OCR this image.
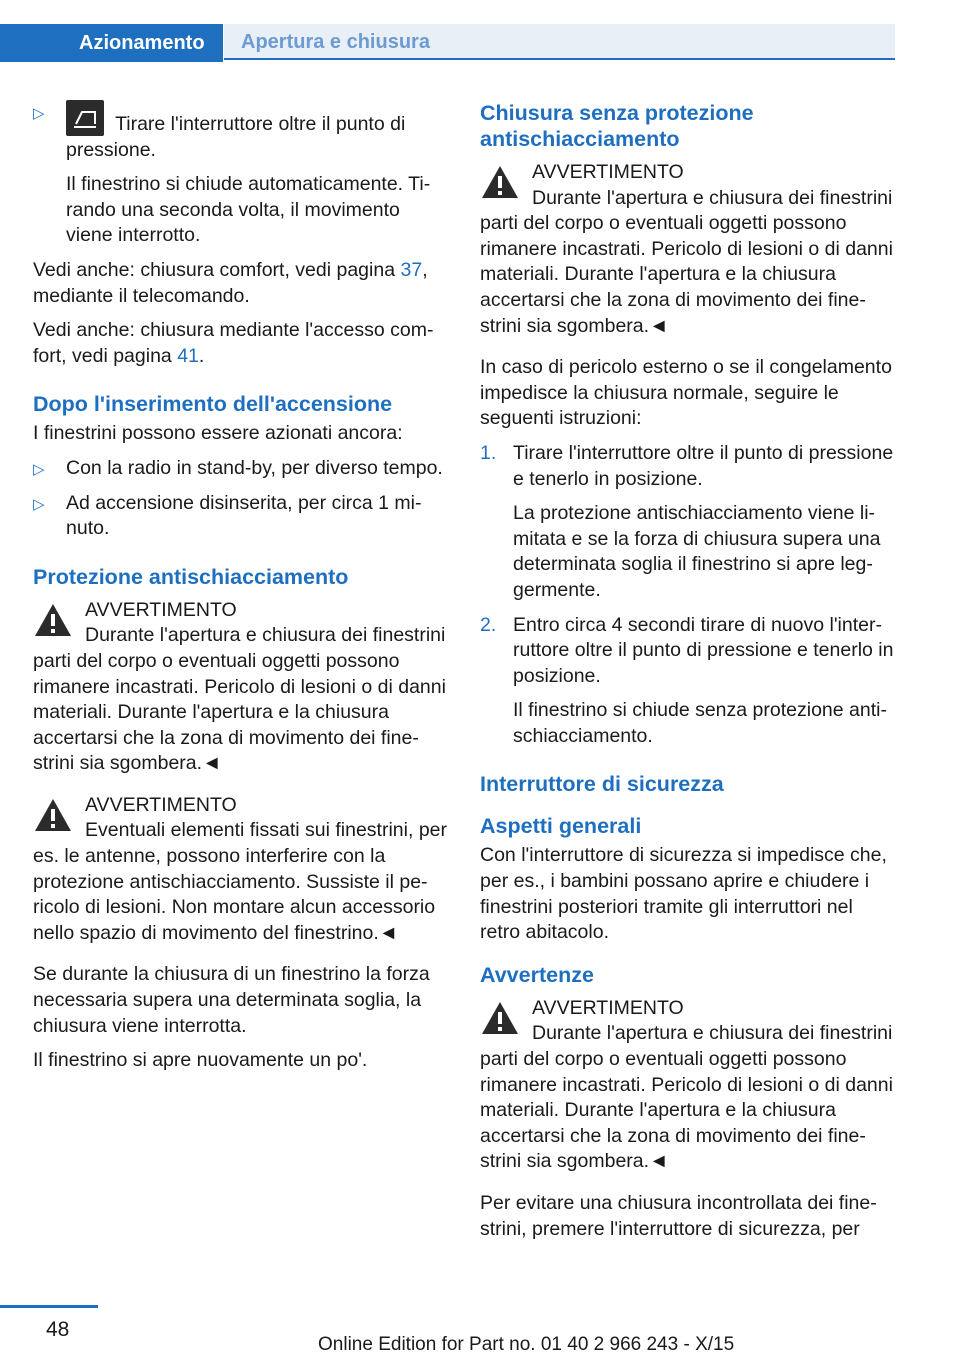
Azionamento	Apertura e chiusura
▷	Tirare l'interruttore oltre il punto di pressione.

Il finestrino si chiude automaticamente. Tirando una seconda volta, il movimento viene interrotto.

Vedi anche: chiusura comfort, vedi pagina 37, mediante il telecomando.

Vedi anche: chiusura mediante l'accesso comfort, vedi pagina 41.

Dopo l'inserimento dell'accensione

I finestrini possono essere azionati ancora:

▷ Con la radio in stand-by, per diverso tempo.
▷ Ad accensione disinserita, per circa 1 minuto.
Protezione antischiacciamento
AVVERTIMENTO
Durante l'apertura e chiusura dei finestrini parti del corpo o eventuali oggetti possono rimanere incastrati. Pericolo di lesioni o di danni materiali. Durante l'apertura e la chiusura accertarsi che la zona di movimento dei finestrini sia sgombera.◄
AVVERTIMENTO
Eventuali elementi fissati sui finestrini, per es. le antenne, possono interferire con la protezione antischiacciamento. Sussiste il pericolo di lesioni. Non montare alcun accessorio nello spazio di movimento del finestrino.◄

Se durante la chiusura di un finestrino la forza necessaria supera una determinata soglia, la chiusura viene interrotta.

Il finestrino si apre nuovamente un po'.

Chiusura senza protezione antischiacciamento
AVVERTIMENTO
Durante l'apertura e chiusura dei finestrini parti del corpo o eventuali oggetti possono rimanere incastrati. Pericolo di lesioni o di danni materiali. Durante l'apertura e la chiusura accertarsi che la zona di movimento dei finestrini sia sgombera.◄

In caso di pericolo esterno o se il congelamento impedisce la chiusura normale, seguire le seguenti istruzioni:

1. Tirare l'interruttore oltre il punto di pressione e tenerlo in posizione.

La protezione antischiacciamento viene limitata e se la forza di chiusura supera una determinata soglia il finestrino si apre leggermente.

2. Entro circa 4 secondi tirare di nuovo l'interruttore oltre il punto di pressione e tenerlo in posizione.

Il finestrino si chiude senza protezione antischiacciamento.

Interruttore di sicurezza
Aspetti generali

Con l'interruttore di sicurezza si impedisce che, per es., i bambini possano aprire e chiudere i finestrini posteriori tramite gli interruttori nel retro abitacolo.

Avvertenze
AVVERTIMENTO
Durante l'apertura e chiusura dei finestrini parti del corpo o eventuali oggetti possono rimanere incastrati. Pericolo di lesioni o di danni materiali. Durante l'apertura e la chiusura accertarsi che la zona di movimento dei finestrini sia sgombera.◄

Per evitare una chiusura incontrollata dei finestrini, premere l'interruttore di sicurezza, per

48
Online Edition for Part no. 01 40 2 966 243 - X/15
